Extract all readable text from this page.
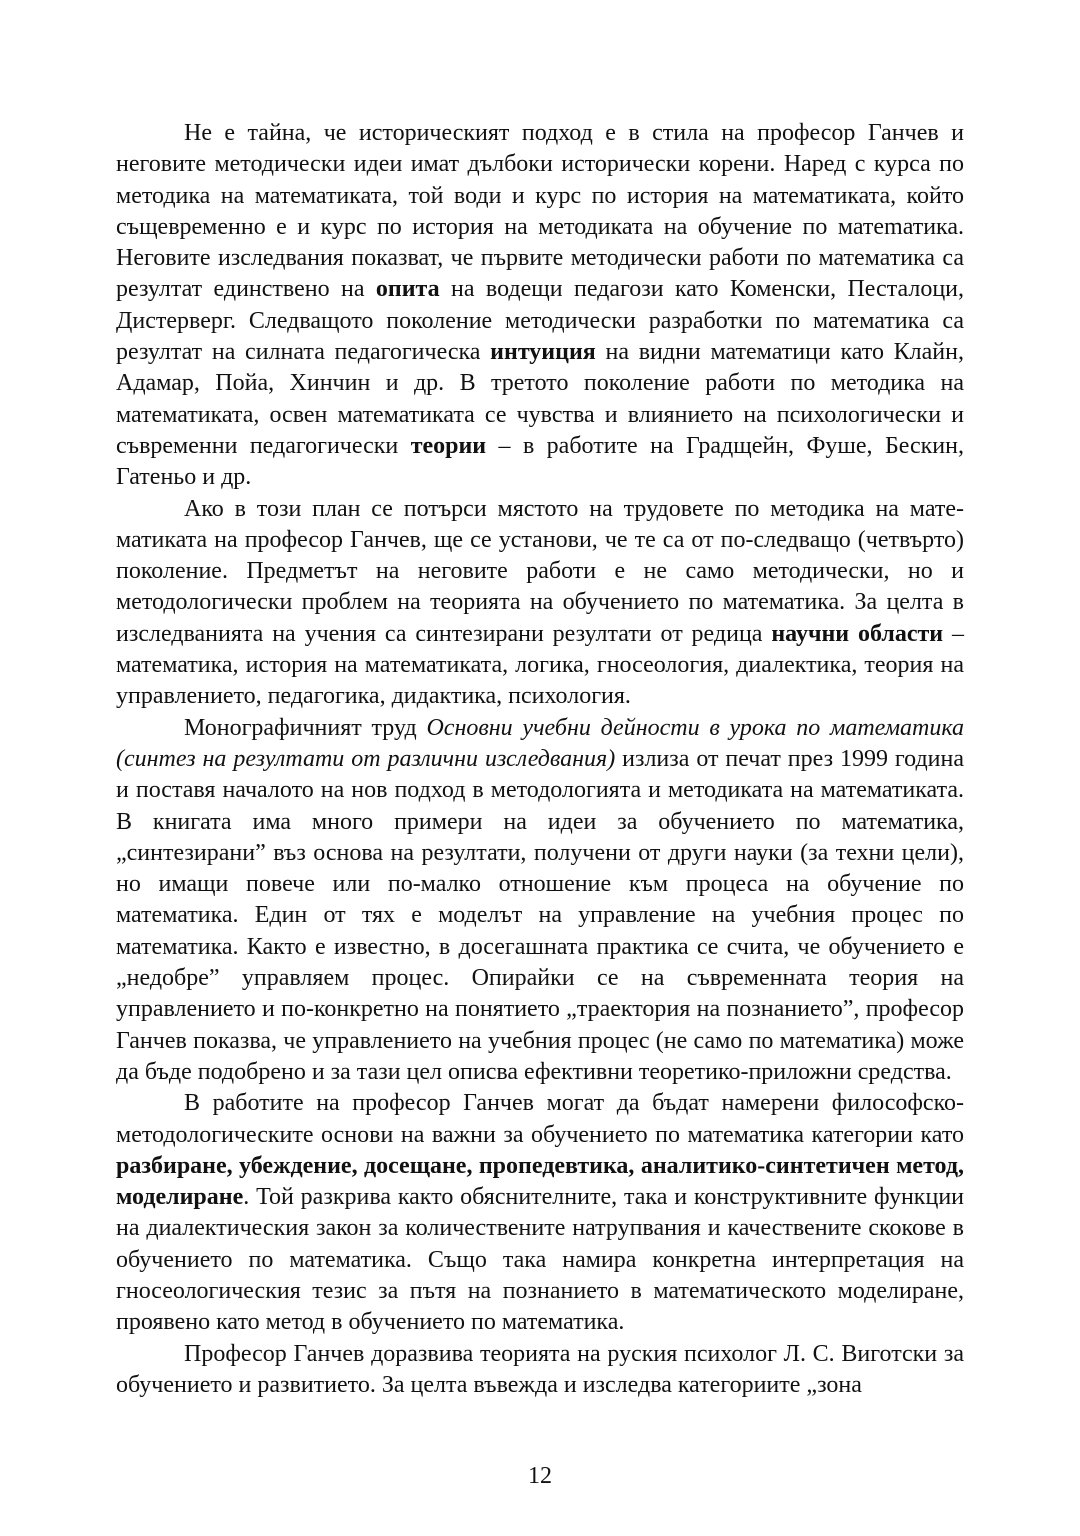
Не е тайна, че историческият подход е в стила на професор Ганчев и неговите методически идеи имат дълбоки исторически корени. Наред с курса по методика на математиката, той води и курс по история на математиката, който същевременно е и курс по история на методиката на обучение по матеmатика. Неговите изследвания показват, че първите методически работи по математика са резултат единствено на опита на водещи педагози като Коменски, Песталоци, Дистерверг. Следващото поколение методически разработки по математика са резултат на силната педагогическа интуиция на видни математици като Клайн, Адамар, Пойа, Хинчин и др. В третото поколение работи по методика на математиката, освен математиката се чувства и влиянието на психологически и съвременни педагогически теории – в работите на Градщейн, Фуше, Бескин, Гатеньо и др.

Ако в този план се потърси мястото на трудовете по методика на математиката на професор Ганчев, ще се установи, че те са от по-следващо (четвърто) поколение. Предметът на неговите работи е не само методически, но и методологически проблем на теорията на обучението по математика. За целта в изследванията на учения са синтезирани резултати от редица научни области – математика, история на математиката, логика, гносеология, диалектика, теория на управлението, педагогика, дидактика, психология.

Монографичният труд Основни учебни дейности в урока по математика (синтез на резултати от различни изследвания) излиза от печат през 1999 година и поставя началото на нов подход в методологията и методиката на математиката. В книгата има много примери на идеи за обучението по математика, „синтезирани” въз основа на резултати, получени от други науки (за техни цели), но имащи повече или по-малко отношение към процеса на обучение по математика. Един от тях е моделът на управление на учебния процес по математика. Както е известно, в досегашната практика се счита, че обучението е „недобре” управляем процес. Опирайки се на съвременната теория на управлението и по-конкретно на понятието „траектория на познанието”, професор Ганчев показва, че управлението на учебния процес (не само по математика) може да бъде подобрено и за тази цел описва ефективни теоретико-приложни средства.

В работите на професор Ганчев могат да бъдат намерени философско-методологическите основи на важни за обучението по математика категории като разбиране, убеждение, досещане, пропедевтика, аналитико-синтетичен метод, моделиране. Той разкрива както обяснителните, така и конструктивните функции на диалектическия закон за количествените натрупвания и качествените скокове в обучението по математика. Също така намира конкретна интерпретация на гносеологическия тезис за пътя на познанието в математическото моделиране, проявено като метод в обучението по математика.

Професор Ганчев доразвива теорията на руския психолог Л. С. Виготски за обучението и развитието. За целта въвежда и изследва категориите „зона

12
